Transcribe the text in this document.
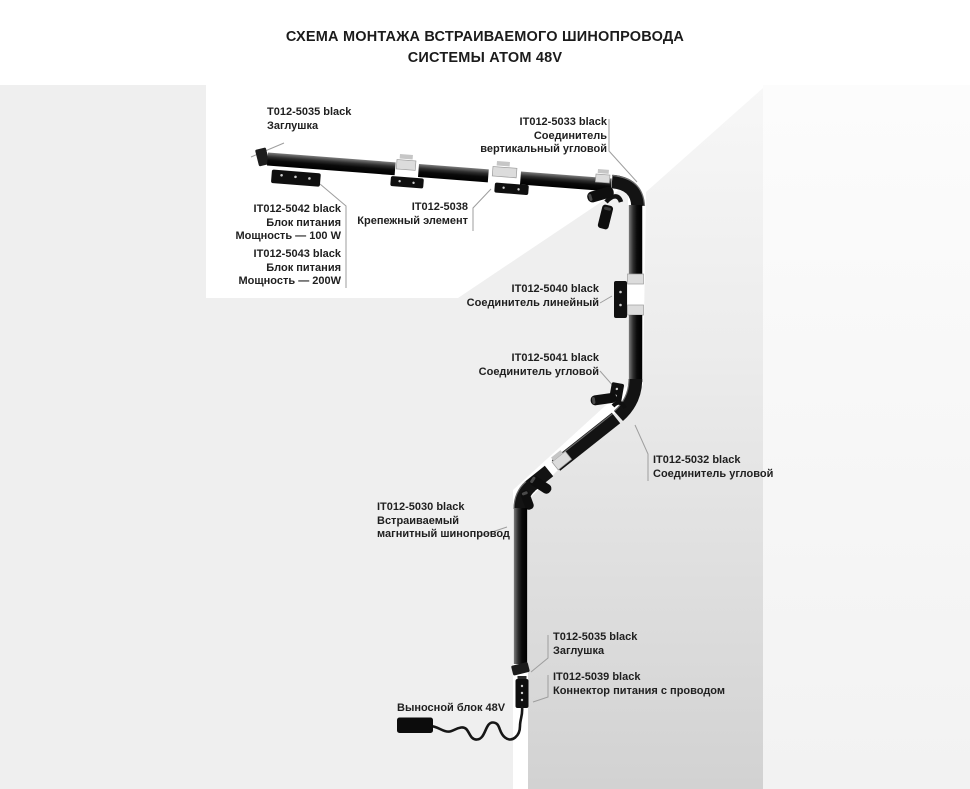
СХЕМА МОНТАЖА ВСТРАИВАЕМОГО ШИНОПРОВОДА
СИСТЕМЫ АТОМ 48V
T012-5035 black
Заглушка	IT012-5033 black
Соединитель
вертикальный угловой
IT012-5042 black
Блок питания
Мощность — 100 W
IT012-5043 black
Блок питания
Мощность — 200W
IT012-5038
Крепежный элемент
IT012-5040 black
Соединитель линейный
IT012-5041 black
Соединитель угловой
IT012-5032 black
Соединитель угловой
IT012-5030 black
Встраиваемый
магнитный шинопровод
T012-5035 black
Заглушка
IT012-5039 black
Коннектор питания с проводом
Выносной блок 48V
